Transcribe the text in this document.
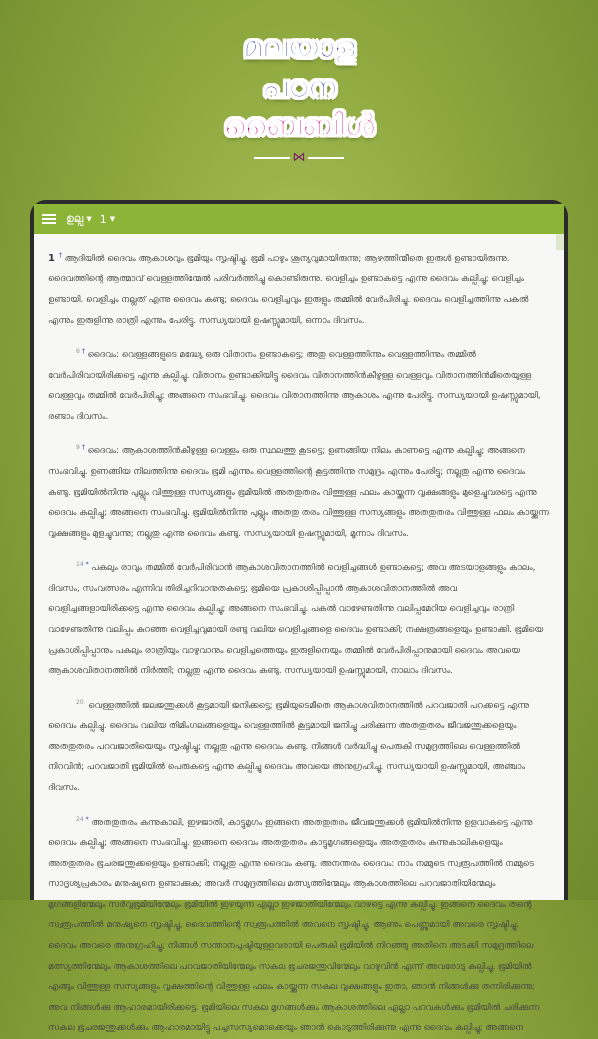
മലയാള
പഠന
ബൈബിൾ
⋈
ഉല്പ ▼ 1 ▼

1 † ആദിയിൽ ദൈവം ആകാശവും ഭൂമിയും സൃഷ്ടിച്ചു. ഭൂമി പാഴും ശൂന്യവുമായിരുന്നു; ആഴത്തിന്മീതെ ഇരുൾ ഉണ്ടായിരുന്നു. ദൈവത്തിന്റെ ആത്മാവ് വെള്ളത്തിന്മേൽ പരിവർത്തിച്ചു കൊണ്ടിരുന്നു. വെളിച്ചം ഉണ്ടാകട്ടെ എന്നു ദൈവം കല്പിച്ചു; വെളിച്ചം ഉണ്ടായി. വെളിച്ചം നല്ലത് എന്നു ദൈവം കണ്ടു; ദൈവം വെളിച്ചവും ഇരുളും തമ്മിൽ വേർപിരിച്ചു. ദൈവം വെളിച്ചത്തിന്നു പകൽ എന്നും ഇരുളിന്നു രാത്രി എന്നും പേരിട്ടു. സന്ധ്യയായി ഉഷസ്സുമായി, ഒന്നാം ദിവസം.

$^6$ † ദൈവം: വെള്ളങ്ങളുടെ മദ്ധ്യേ ഒരു വിതാനം ഉണ്ടാകട്ടെ; അതു വെള്ളത്തിന്നും വെള്ളത്തിന്നും തമ്മിൽ വേർപിരിവായിരിക്കട്ടെ എന്നു കല്പിച്ചു. വിതാനം ഉണ്ടാക്കിയിട്ടു ദൈവം വിതാനത്തിൻകീഴുള്ള വെള്ളവും വിതാനത്തിൻമീതെയുള്ള വെള്ളവും തമ്മിൽ വേർപിരിച്ചു; അങ്ങനെ സംഭവിച്ചു. ദൈവം വിതാനത്തിന്നു ആകാശം എന്നു പേരിട്ടു. സന്ധ്യയായി ഉഷസ്സുമായി, രണ്ടാം ദിവസം.

$^9$ † ദൈവം: ആകാശത്തിൻകീഴുള്ള വെള്ളം ഒരു സ്ഥലത്തു കൂടട്ടെ; ഉണങ്ങിയ നിലം കാണട്ടെ എന്നു കല്പിച്ചു; അങ്ങനെ സംഭവിച്ചു. ഉണങ്ങിയ നിലത്തിന്നു ദൈവം ഭൂമി എന്നും വെള്ളത്തിന്റെ കൂട്ടത്തിന്നു സമുദ്രം എന്നും പേരിട്ടു; നല്ലതു എന്നു ദൈവം കണ്ടു. ഭൂമിയിൽനിന്നു പുല്ലും വിത്തുള്ള സസ്യങ്ങളും ഭൂമിയിൽ അതതുതരം വിത്തുള്ള ഫലം കായ്ക്കുന്ന വൃക്ഷങ്ങളും മുളെച്ചുവരട്ടെ എന്നു ദൈവം കല്പിച്ചു; അങ്ങനെ സംഭവിച്ചു. ഭൂമിയിൽനിന്നു പുല്ലും അതതു തരം വിത്തുള്ള സസ്യങ്ങളും അതതുതരം വിത്തുള്ള ഫലം കായ്ക്കുന്ന വൃക്ഷങ്ങളും മുളച്ചുവന്നു; നല്ലതു എന്നു ദൈവം കണ്ടു. സന്ധ്യയായി ഉഷസ്സുമായി, മൂന്നാം ദിവസം.

$^{14}$ * പകലും രാവും തമ്മിൽ വേർപിരിവാൻ ആകാശവിതാനത്തിൽ വെളിച്ചങ്ങൾ ഉണ്ടാകട്ടെ; അവ അടയാളങ്ങളും കാലം, ദിവസം, സംവത്സരം എന്നിവ തിരിച്ചറിവാനുതകട്ടെ; ഭൂമിയെ പ്രകാശിപ്പിപ്പാൻ ആകാശവിതാനത്തിൽ അവ വെളിച്ചങ്ങളായിരിക്കട്ടെ എന്നു ദൈവം കല്പിച്ചു; അങ്ങനെ സംഭവിച്ചു. പകൽ വാഴേണ്ടതിന്നു വലിപ്പമേറിയ വെളിച്ചവും രാത്രി വാഴേണ്ടതിന്നു വലിപ്പം കുറഞ്ഞ വെളിച്ചവുമായി രണ്ടു വലിയ വെളിച്ചങ്ങളെ ദൈവം ഉണ്ടാക്കി; നക്ഷത്രങ്ങളെയും ഉണ്ടാക്കി. ഭൂമിയെ പ്രകാശിപ്പിപ്പാനും പകലും രാത്രിയും വാഴുവാനും വെളിച്ചത്തെയും ഇരുളിനെയും തമ്മിൽ വേർപിരിപ്പാനുമായി ദൈവം അവയെ ആകാശവിതാനത്തിൽ നിർത്തി; നല്ലതു എന്നു ദൈവം കണ്ടു. സന്ധ്യയായി ഉഷസ്സുമായി, നാലാം ദിവസം.

$^{20}$ വെള്ളത്തിൽ ജലജന്തുക്കൾ കൂട്ടമായി ജനിക്കട്ടെ; ഭൂമിയുടെമീതെ ആകാശവിതാനത്തിൽ പറവജാതി പറക്കട്ടെ എന്നു ദൈവം കല്പിച്ചു. ദൈവം വലിയ തിമിംഗലങ്ങളെയും വെള്ളത്തിൽ കൂട്ടമായി ജനിച്ചു ചരിക്കുന്ന അതതുതരം ജീവജന്തുക്കളെയും അതതുതരം പറവജാതിയെയും സൃഷ്ടിച്ചു; നല്ലതു എന്നു ദൈവം കണ്ടു. നിങ്ങൾ വർദ്ധിച്ചു പെരുകി സമുദ്രത്തിലെ വെള്ളത്തിൽ നിറവിൻ; പറവജാതി ഭൂമിയിൽ പെരുകട്ടെ എന്നു കല്പിച്ചു ദൈവം അവയെ അനുഗ്രഹിച്ചു. സന്ധ്യയായി ഉഷസ്സുമായി, അഞ്ചാം ദിവസം.

$^{24}$ * അതതുതരം കന്നുകാലി, ഇഴജാതി, കാട്ടുമൃഗം ഇങ്ങനെ അതതുതരം ജീവജന്തുക്കൾ ഭൂമിയിൽനിന്നു ഉളവാകട്ടെ എന്നു ദൈവം കല്പിച്ചു; അങ്ങനെ സംഭവിച്ചു. ഇങ്ങനെ ദൈവം അതതുതരം കാട്ടുമൃഗങ്ങളെയും അതതുതരം കന്നുകാലികളെയും അതതുതരം ഭൂചരജന്തുക്കളെയും ഉണ്ടാക്കി; നല്ലതു എന്നു ദൈവം കണ്ടു. അനന്തരം ദൈവം: നാം നമ്മുടെ സ്വരൂപത്തിൽ നമ്മുടെ സാദൃശ്യപ്രകാരം മനുഷ്യനെ ഉണ്ടാക്കുക; അവർ സമുദ്രത്തിലെ മത്സ്യത്തിന്മേലും ആകാശത്തിലെ പറവജാതിയിന്മേലും മൃഗങ്ങളിന്മേലും സർവ്വഭൂമിയിന്മേലും ഭൂമിയിൽ ഇഴയുന്ന എല്ലാ ഇഴജാതിയിന്മേലും വാഴട്ടെ എന്നു കല്പിച്ചു. ഇങ്ങനെ ദൈവം തന്റെ സ്വരൂപത്തിൽ മനുഷ്യനെ സൃഷ്ടിച്ചു, ദൈവത്തിന്റെ സ്വരൂപത്തിൽ അവനെ സൃഷ്ടിച്ചു, ആണും പെണ്ണുമായി അവരെ സൃഷ്ടിച്ചു. ദൈവം അവരെ അനുഗ്രഹിച്ചു; നിങ്ങൾ സന്താനപുഷ്ടിയുള്ളവരായി പെരുകി ഭൂമിയിൽ നിറഞ്ഞു അതിനെ അടക്കി സമുദ്രത്തിലെ മത്സ്യത്തിന്മേലും ആകാശത്തിലെ പറവജാതിയിന്മേലും സകല ഭൂചരജന്തുവിന്മേലും വാഴുവിൻ എന്ന് അവരോടു കല്പിച്ചു. ഭൂമിയിൽ എങ്ങും വിത്തുള്ള സസ്യങ്ങളും വൃക്ഷത്തിന്റെ വിത്തുള്ള ഫലം കായ്ക്കുന്ന സകല വൃക്ഷങ്ങളും ഇതാ, ഞാൻ നിങ്ങൾക്കു തന്നിരിക്കുന്നു; അവ നിങ്ങൾക്കു ആഹാരമായിരിക്കട്ടെ. ഭൂമിയിലെ സകല മൃഗങ്ങൾക്കും ആകാശത്തിലെ എല്ലാ പറവകൾക്കും ഭൂമിയിൽ ചരിക്കുന്ന സകല ഭൂചരജന്തുക്കൾക്കും ആഹാരമായിട്ടു പച്ചസസ്യമൊക്കെയും ഞാൻ കൊടുത്തിരിക്കുന്നു എന്നു ദൈവം കല്പിച്ചു; അങ്ങനെ
